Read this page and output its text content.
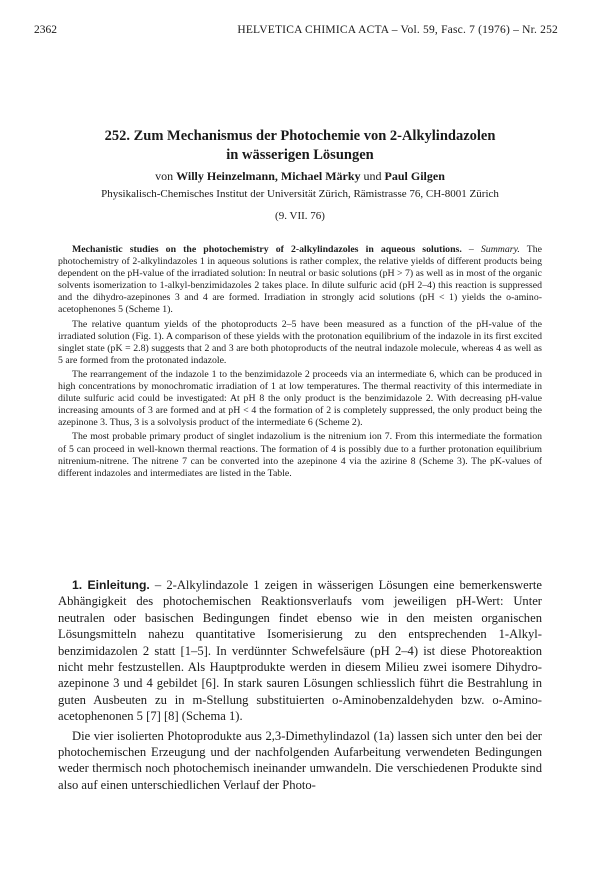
2362	HELVETICA CHIMICA ACTA – Vol. 59, Fasc. 7 (1976) – Nr. 252
252. Zum Mechanismus der Photochemie von 2-Alkylindazolen
in wässerigen Lösungen
von Willy Heinzelmann, Michael Märky und Paul Gilgen
Physikalisch-Chemisches Institut der Universität Zürich, Rämistrasse 76, CH-8001 Zürich
(9. VII. 76)

Mechanistic studies on the photochemistry of 2-alkylindazoles in aqueous solutions. – Summary. The photochemistry of 2-alkylindazoles 1 in aqueous solutions is rather complex, the relative yields of different products being dependent on the pH-value of the irradiated solution: In neutral or basic solutions (pH > 7) as well as in most of the organic solvents isomerization to 1-alkyl-benzimidazoles 2 takes place. In dilute sulfuric acid (pH 2–4) this reaction is suppressed and the dihydro-azepinones 3 and 4 are formed. Irradiation in strongly acid solutions (pH < 1) yields the o-amino-acetophenones 5 (Scheme 1).

The relative quantum yields of the photoproducts 2–5 have been measured as a function of the pH-value of the irradiated solution (Fig. 1). A comparison of these yields with the protonation equilibrium of the indazole in its first excited singlet state (pK = 2.8) suggests that 2 and 3 are both photoproducts of the neutral indazole molecule, whereas 4 as well as 5 are formed from the protonated indazole.

The rearrangement of the indazole 1 to the benzimidazole 2 proceeds via an intermediate 6, which can be produced in high concentrations by monochromatic irradiation of 1 at low temperatures. The thermal reactivity of this intermediate in dilute sulfuric acid could be investigated: At pH 8 the only product is the benzimidazole 2. With decreasing pH-value increasing amounts of 3 are formed and at pH < 4 the formation of 2 is completely suppressed, the only product being the azepinone 3. Thus, 3 is a solvolysis product of the intermediate 6 (Scheme 2).

The most probable primary product of singlet indazolium is the nitrenium ion 7. From this intermediate the formation of 5 can proceed in well-known thermal reactions. The formation of 4 is possibly due to a further protonation equilibrium nitrenium-nitrene. The nitrene 7 can be converted into the azepinone 4 via the azirine 8 (Scheme 3). The pK-values of different indazoles and intermediates are listed in the Table.

1. Einleitung. – 2-Alkylindazole 1 zeigen in wässerigen Lösungen eine bemerkenswerte Abhängigkeit des photochemischen Reaktionsverlaufs vom jeweiligen pH-Wert: Unter neutralen oder basischen Bedingungen findet ebenso wie in den meisten organischen Lösungsmitteln nahezu quantitative Isomerisierung zu den entsprechenden 1-Alkyl-benzimidazolen 2 statt [1–5]. In verdünnter Schwefelsäure (pH 2–4) ist diese Photoreaktion nicht mehr festzustellen. Als Hauptprodukte werden in diesem Milieu zwei isomere Dihydro-azepinone 3 und 4 gebildet [6]. In stark sauren Lösungen schliesslich führt die Bestrahlung in guten Ausbeuten zu in m-Stellung substituierten o-Aminobenzaldehyden bzw. o-Amino-acetophenonen 5 [7] [8] (Schema 1).

Die vier isolierten Photoprodukte aus 2,3-Dimethylindazol (1a) lassen sich unter den bei der photochemischen Erzeugung und der nachfolgenden Aufarbeitung verwendeten Bedingungen weder thermisch noch photochemisch ineinander umwandeln. Die verschiedenen Produkte sind also auf einen unterschiedlichen Verlauf der Photo-
